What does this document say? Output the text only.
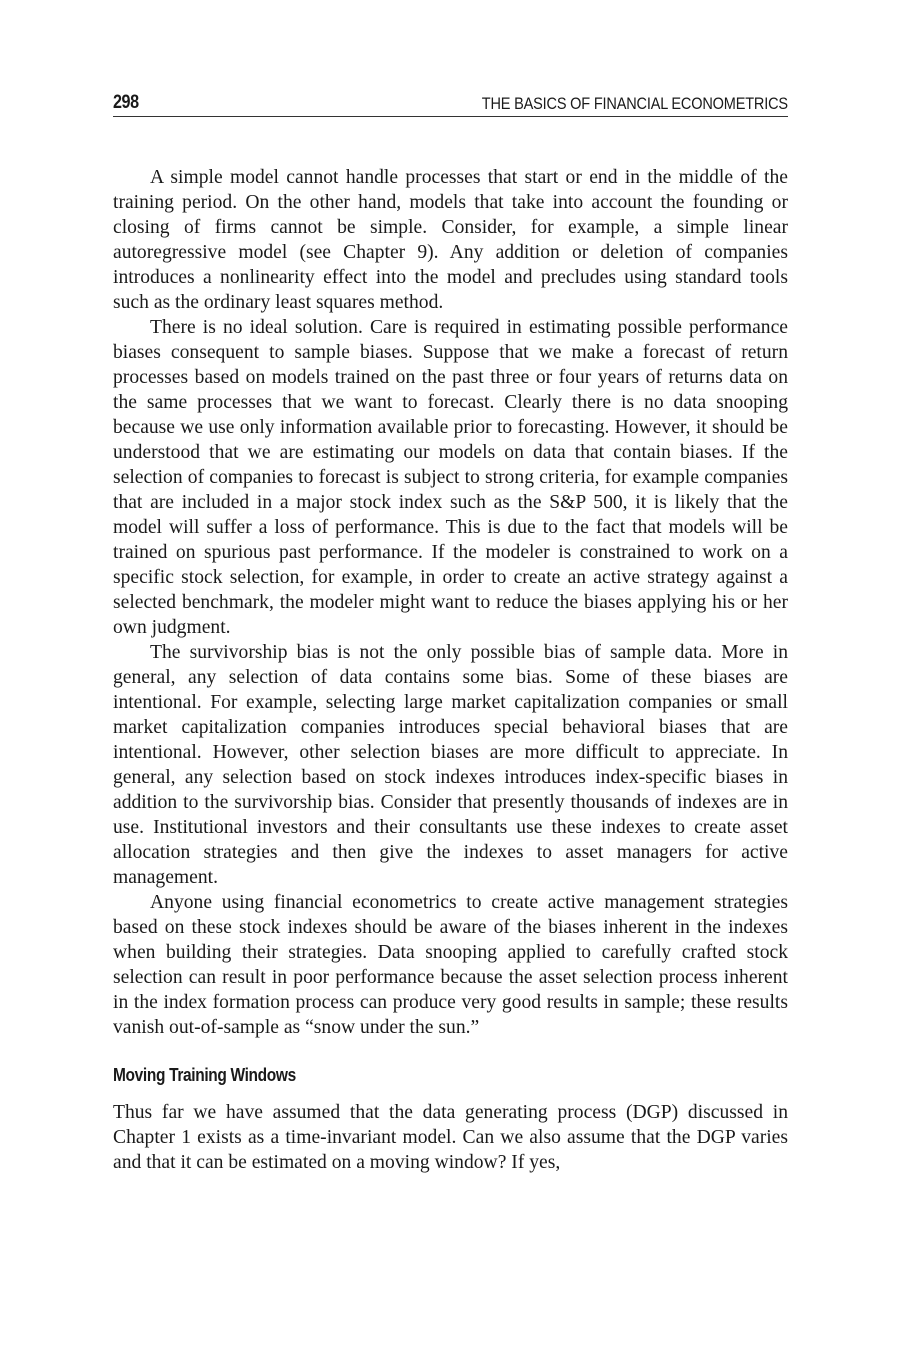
298	THE BASICS OF FINANCIAL ECONOMETRICS

A simple model cannot handle processes that start or end in the middle of the training period. On the other hand, models that take into account the founding or closing of firms cannot be simple. Consider, for example, a simple linear autoregressive model (see Chapter 9). Any addition or deletion of companies introduces a nonlinearity effect into the model and precludes using standard tools such as the ordinary least squares method.

There is no ideal solution. Care is required in estimating possible performance biases consequent to sample biases. Suppose that we make a forecast of return processes based on models trained on the past three or four years of returns data on the same processes that we want to forecast. Clearly there is no data snooping because we use only information available prior to forecasting. However, it should be understood that we are estimating our models on data that contain biases. If the selection of companies to forecast is subject to strong criteria, for example companies that are included in a major stock index such as the S&P 500, it is likely that the model will suffer a loss of performance. This is due to the fact that models will be trained on spurious past performance. If the modeler is constrained to work on a specific stock selection, for example, in order to create an active strategy against a selected benchmark, the modeler might want to reduce the biases applying his or her own judgment.

The survivorship bias is not the only possible bias of sample data. More in general, any selection of data contains some bias. Some of these biases are intentional. For example, selecting large market capitalization companies or small market capitalization companies introduces special behavioral biases that are intentional. However, other selection biases are more difficult to appreciate. In general, any selection based on stock indexes introduces index-specific biases in addition to the survivorship bias. Consider that presently thousands of indexes are in use. Institutional investors and their consultants use these indexes to create asset allocation strategies and then give the indexes to asset managers for active management.

Anyone using financial econometrics to create active management strategies based on these stock indexes should be aware of the biases inherent in the indexes when building their strategies. Data snooping applied to carefully crafted stock selection can result in poor performance because the asset selection process inherent in the index formation process can produce very good results in sample; these results vanish out-of-sample as “snow under the sun.”

Moving Training Windows

Thus far we have assumed that the data generating process (DGP) discussed in Chapter 1 exists as a time-invariant model. Can we also assume that the DGP varies and that it can be estimated on a moving window? If yes,
